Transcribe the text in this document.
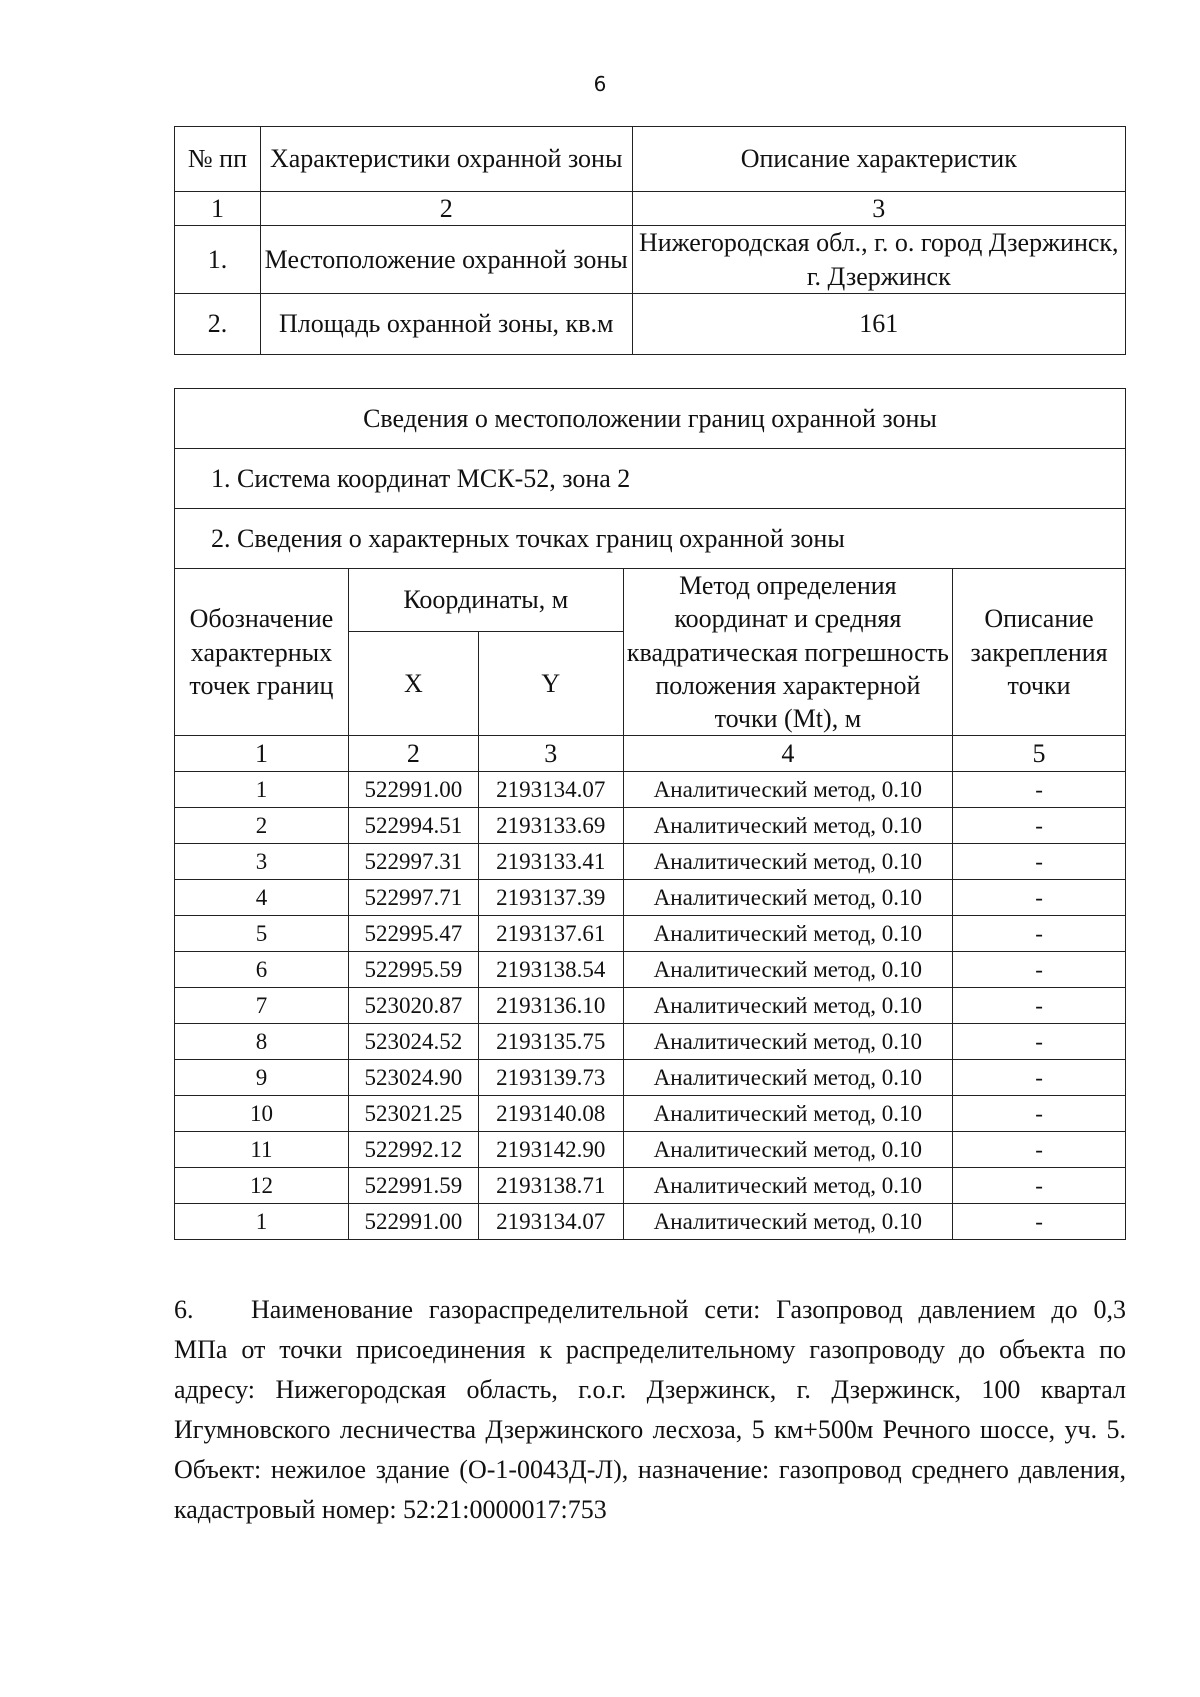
6
№ пп	Характеристики охранной зоны	Описание характеристик
1	2	3
1.	Местоположение охранной зоны	Нижегородская обл., г. о. город Дзержинск, г. Дзержинск
2.	Площадь охранной зоны, кв.м	161
Сведения о местоположении границ охранной зоны				
1. Система координат МСК-52, зона 2				
2. Сведения о характерных точках границ охранной зоны				
Обозначение характерных точек границ	Координаты, м		Метод определения координат и средняя квадратическая погрешность положения характерной точки (Mt), м	Описание закрепления точки
	X	Y		
1	2	3	4	5
1	522991.00	2193134.07	Аналитический метод, 0.10	-
2	522994.51	2193133.69	Аналитический метод, 0.10	-
3	522997.31	2193133.41	Аналитический метод, 0.10	-
4	522997.71	2193137.39	Аналитический метод, 0.10	-
5	522995.47	2193137.61	Аналитический метод, 0.10	-
6	522995.59	2193138.54	Аналитический метод, 0.10	-
7	523020.87	2193136.10	Аналитический метод, 0.10	-
8	523024.52	2193135.75	Аналитический метод, 0.10	-
9	523024.90	2193139.73	Аналитический метод, 0.10	-
10	523021.25	2193140.08	Аналитический метод, 0.10	-
11	522992.12	2193142.90	Аналитический метод, 0.10	-
12	522991.59	2193138.71	Аналитический метод, 0.10	-
1	522991.00	2193134.07	Аналитический метод, 0.10	-

6. Наименование газораспределительной сети: Газопровод давлением до 0,3 МПа от точки присоединения к распределительному газопроводу до объекта по адресу: Нижегородская область, г.о.г. Дзержинск, г. Дзержинск, 100 квартал Игумновского лесничества Дзержинского лесхоза, 5 км+500м Речного шоссе, уч. 5. Объект: нежилое здание (О-1-0043Д-Л), назначение: газопровод среднего давления, кадастровый номер: 52:21:0000017:753
